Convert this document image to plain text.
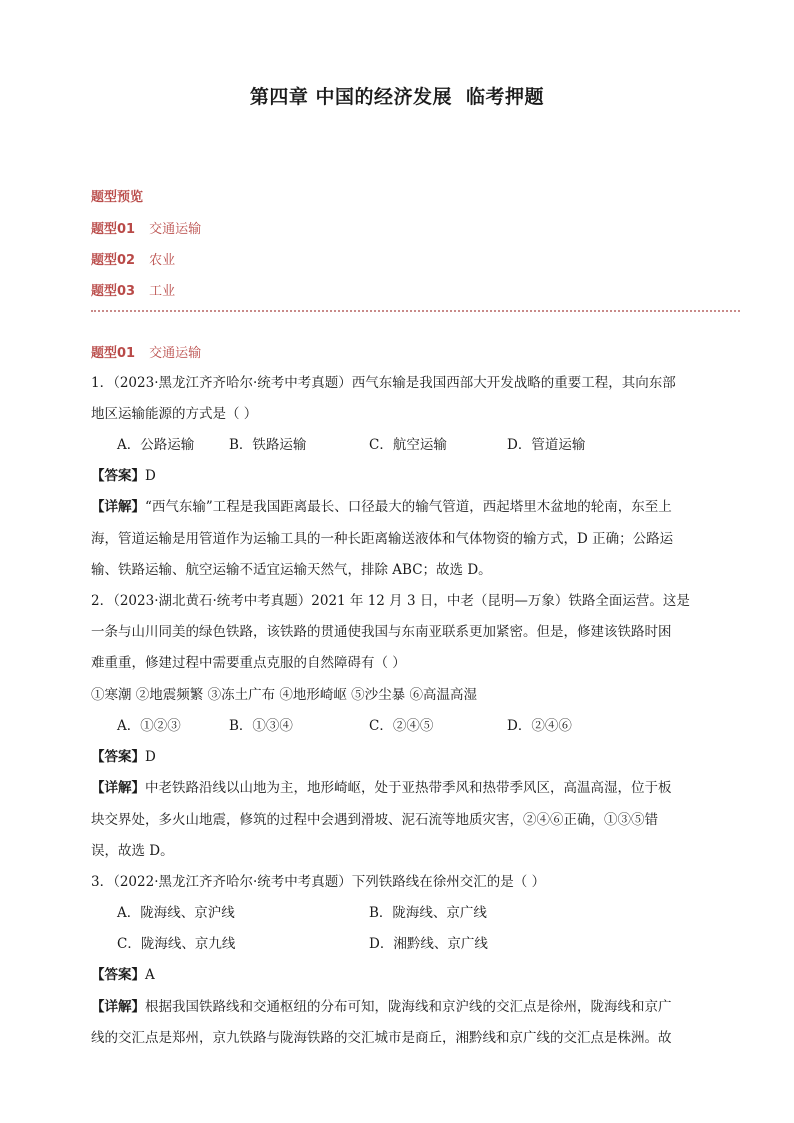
第四章 中国的经济发展 临考押题
题型预览
题型01 交通运输
题型02 农业
题型03 工业
题型01 交通运输
1．（2023·黑龙江齐齐哈尔·统考中考真题）西气东输是我国西部大开发战略的重要工程，其向东部
地区运输能源的方式是（ ）
A．公路运输	B．铁路运输	C．航空运输	D．管道运输
【答案】D
【详解】“西气东输”工程是我国距离最长、口径最大的输气管道，西起塔里木盆地的轮南，东至上
海，管道运输是用管道作为运输工具的一种长距离输送液体和气体物资的输方式，D 正确；公路运
输、铁路运输、航空运输不适宜运输天然气，排除 ABC；故选 D。
2．（2023·湖北黄石·统考中考真题）2021 年 12 月 3 日，中老（昆明—万象）铁路全面运营。这是
一条与山川同美的绿色铁路，该铁路的贯通使我国与东南亚联系更加紧密。但是，修建该铁路时困
难重重，修建过程中需要重点克服的自然障碍有（ ）
①寒潮 ②地震频繁 ③冻土广布 ④地形崎岖 ⑤沙尘暴 ⑥高温高湿
A．①②③	B．①③④	C．②④⑤	D．②④⑥
【答案】D
【详解】中老铁路沿线以山地为主，地形崎岖，处于亚热带季风和热带季风区，高温高湿，位于板
块交界处，多火山地震，修筑的过程中会遇到滑坡、泥石流等地质灾害，②④⑥正确，①③⑤错
误，故选 D。
3．（2022·黑龙江齐齐哈尔·统考中考真题）下列铁路线在徐州交汇的是（ ）
A．陇海线、京沪线	B．陇海线、京广线
C．陇海线、京九线	D．湘黔线、京广线
【答案】A
【详解】根据我国铁路线和交通枢纽的分布可知，陇海线和京沪线的交汇点是徐州，陇海线和京广
线的交汇点是郑州，京九铁路与陇海铁路的交汇城市是商丘，湘黔线和京广线的交汇点是株洲。故
